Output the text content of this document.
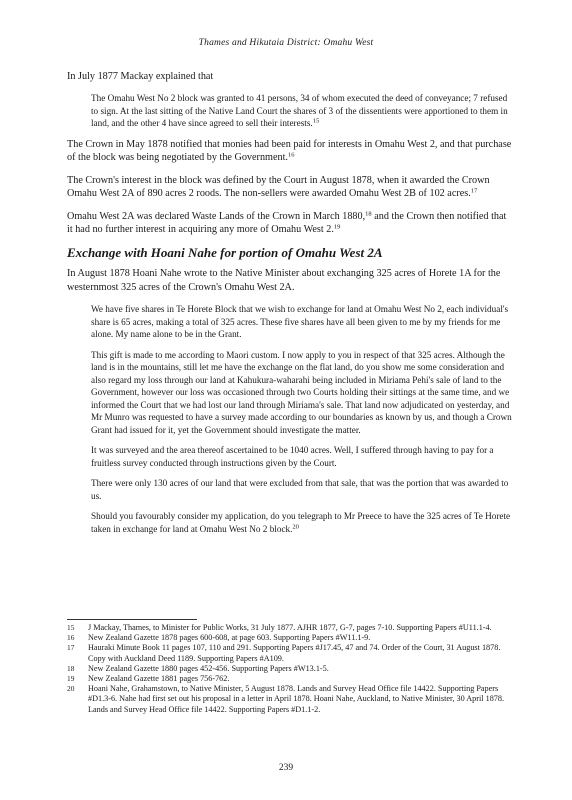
Thames and Hikutaia District: Omahu West

In July 1877 Mackay explained that

The Omahu West No 2 block was granted to 41 persons, 34 of whom executed the deed of conveyance; 7 refused to sign. At the last sitting of the Native Land Court the shares of 3 of the dissentients were apportioned to them in land, and the other 4 have since agreed to sell their interests.$^{15}$

The Crown in May 1878 notified that monies had been paid for interests in Omahu West 2, and that purchase of the block was being negotiated by the Government.$^{16}$

The Crown's interest in the block was defined by the Court in August 1878, when it awarded the Crown Omahu West 2A of 890 acres 2 roods. The non-sellers were awarded Omahu West 2B of 102 acres.$^{17}$

Omahu West 2A was declared Waste Lands of the Crown in March 1880,18 and the Crown then notified that it had no further interest in acquiring any more of Omahu West 2.19

Exchange with Hoani Nahe for portion of Omahu West 2A

In August 1878 Hoani Nahe wrote to the Native Minister about exchanging 325 acres of Horete 1A for the westernmost 325 acres of the Crown's Omahu West 2A.

We have five shares in Te Horete Block that we wish to exchange for land at Omahu West No 2, each individual's share is 65 acres, making a total of 325 acres. These five shares have all been given to me by my friends for me alone. My name alone to be in the Grant.

This gift is made to me according to Maori custom. I now apply to you in respect of that 325 acres. Although the land is in the mountains, still let me have the exchange on the flat land, do you show me some consideration and also regard my loss through our land at Kahukura-waharahi being included in Miriama Pehi's sale of land to the Government, however our loss was occasioned through two Courts holding their sittings at the same time, and we informed the Court that we had lost our land through Miriama's sale. That land now adjudicated on yesterday, and Mr Munro was requested to have a survey made according to our boundaries as known by us, and though a Crown Grant had issued for it, yet the Government should investigate the matter.

It was surveyed and the area thereof ascertained to be 1040 acres. Well, I suffered through having to pay for a fruitless survey conducted through instructions given by the Court.

There were only 130 acres of our land that were excluded from that sale, that was the portion that was awarded to us.

Should you favourably consider my application, do you telegraph to Mr Preece to have the 325 acres of Te Horete taken in exchange for land at Omahu West No 2 block.$^{20}$

15	J Mackay, Thames, to Minister for Public Works, 31 July 1877. AJHR 1877, G-7, pages 7-10. Supporting Papers #U11.1-4.
16	New Zealand Gazette 1878 pages 600-608, at page 603. Supporting Papers #W11.1-9.
17	Hauraki Minute Book 11 pages 107, 110 and 291. Supporting Papers #J17.45, 47 and 74. Order of the Court, 31 August 1878. Copy with Auckland Deed 1189. Supporting Papers #A109.
18	New Zealand Gazette 1880 pages 452-456. Supporting Papers #W13.1-5.
19	New Zealand Gazette 1881 pages 756-762.
20	Hoani Nahe, Grahamstown, to Native Minister, 5 August 1878. Lands and Survey Head Office file 14422. Supporting Papers #D1.3-6. Nahe had first set out his proposal in a letter in April 1878. Hoani Nahe, Auckland, to Native Minister, 30 April 1878. Lands and Survey Head Office file 14422. Supporting Papers #D1.1-2.
239
